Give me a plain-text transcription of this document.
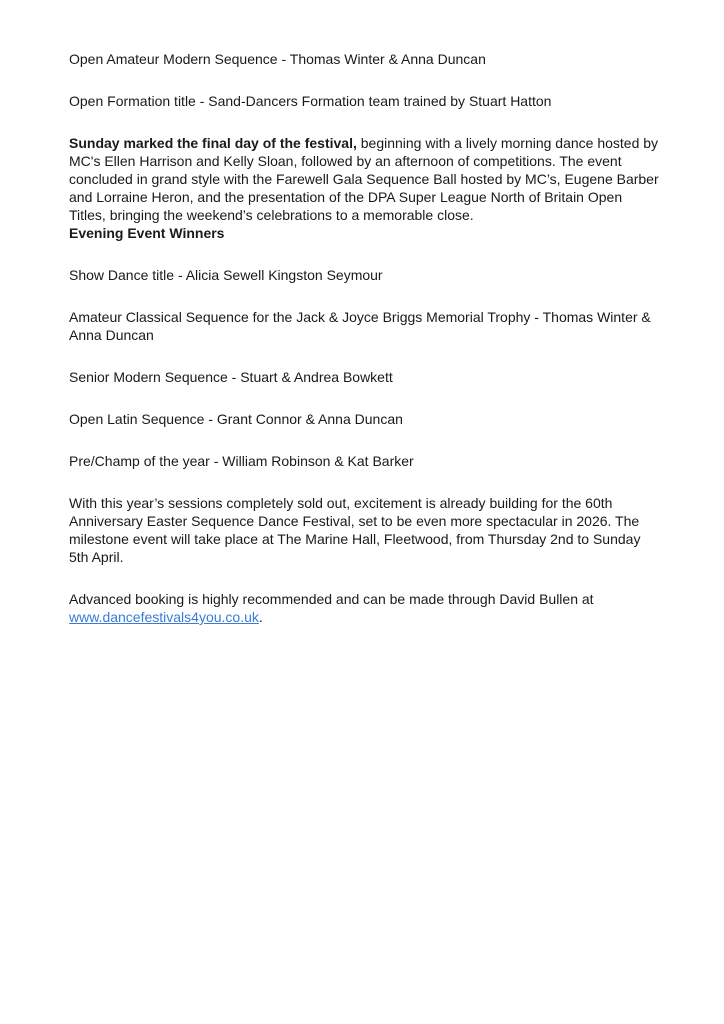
Open Amateur Modern Sequence - Thomas Winter & Anna Duncan

Open Formation title - Sand-Dancers Formation team trained by Stuart Hatton

Sunday marked the final day of the festival, beginning with a lively morning dance hosted by MC's Ellen Harrison and Kelly Sloan, followed by an afternoon of competitions. The event concluded in grand style with the Farewell Gala Sequence Ball hosted by MC’s, Eugene Barber and Lorraine Heron, and the presentation of the DPA Super League North of Britain Open Titles, bringing the weekend’s celebrations to a memorable close.

Evening Event Winners

Show Dance title - Alicia Sewell Kingston Seymour

Amateur Classical Sequence for the Jack & Joyce Briggs Memorial Trophy - Thomas Winter & Anna Duncan

Senior Modern Sequence - Stuart & Andrea Bowkett

Open Latin Sequence - Grant Connor & Anna Duncan

Pre/Champ of the year - William Robinson & Kat Barker

With this year’s sessions completely sold out, excitement is already building for the 60th Anniversary Easter Sequence Dance Festival, set to be even more spectacular in 2026. The milestone event will take place at The Marine Hall, Fleetwood, from Thursday 2nd to Sunday 5th April.

Advanced booking is highly recommended and can be made through David Bullen at www.dancefestivals4you.co.uk.
